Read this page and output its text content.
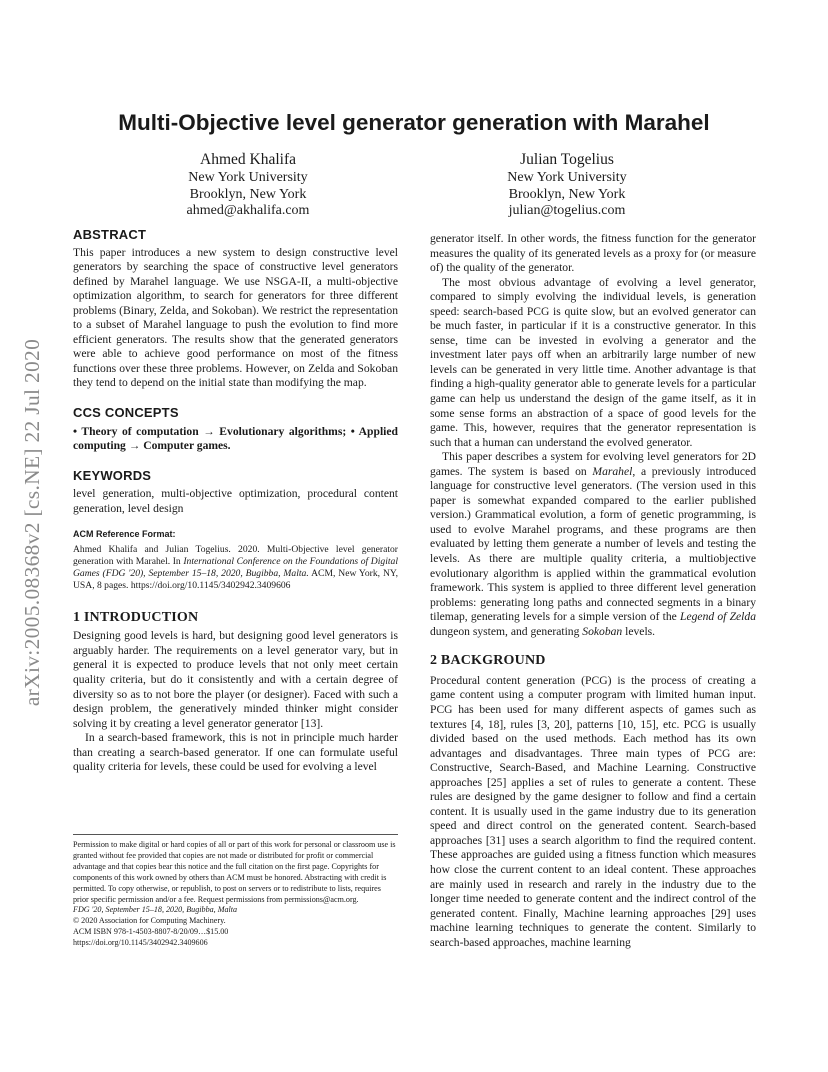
arXiv:2005.08368v2 [cs.NE] 22 Jul 2020
Multi-Objective level generator generation with Marahel
Ahmed Khalifa
New York University
Brooklyn, New York
ahmed@akhalifa.com
Julian Togelius
New York University
Brooklyn, New York
julian@togelius.com
ABSTRACT

This paper introduces a new system to design constructive level generators by searching the space of constructive level generators defined by Marahel language. We use NSGA-II, a multi-objective optimization algorithm, to search for generators for three different problems (Binary, Zelda, and Sokoban). We restrict the representation to a subset of Marahel language to push the evolution to find more efficient generators. The results show that the generated generators were able to achieve good performance on most of the fitness functions over these three problems. However, on Zelda and Sokoban they tend to depend on the initial state than modifying the map.

CCS CONCEPTS

• Theory of computation → Evolutionary algorithms; • Applied computing → Computer games.

KEYWORDS

level generation, multi-objective optimization, procedural content generation, level design

ACM Reference Format:

Ahmed Khalifa and Julian Togelius. 2020. Multi-Objective level generator generation with Marahel. In International Conference on the Foundations of Digital Games (FDG '20), September 15–18, 2020, Bugibba, Malta. ACM, New York, NY, USA, 8 pages. https://doi.org/10.1145/3402942.3409606

1 INTRODUCTION

Designing good levels is hard, but designing good level generators is arguably harder. The requirements on a level generator vary, but in general it is expected to produce levels that not only meet certain quality criteria, but do it consistently and with a certain degree of diversity so as to not bore the player (or designer). Faced with such a design problem, the generatively minded thinker might consider solving it by creating a level generator generator [13].

In a search-based framework, this is not in principle much harder than creating a search-based generator. If one can formulate useful quality criteria for levels, these could be used for evolving a level

Permission to make digital or hard copies of all or part of this work for personal or classroom use is granted without fee provided that copies are not made or distributed for profit or commercial advantage and that copies bear this notice and the full citation on the first page. Copyrights for components of this work owned by others than ACM must be honored. Abstracting with credit is permitted. To copy otherwise, or republish, to post on servers or to redistribute to lists, requires prior specific permission and/or a fee. Request permissions from permissions@acm.org.
FDG '20, September 15–18, 2020, Bugibba, Malta
© 2020 Association for Computing Machinery.
ACM ISBN 978-1-4503-8807-8/20/09…$15.00
https://doi.org/10.1145/3402942.3409606

generator itself. In other words, the fitness function for the generator measures the quality of its generated levels as a proxy for (or measure of) the quality of the generator.

The most obvious advantage of evolving a level generator, compared to simply evolving the individual levels, is generation speed: search-based PCG is quite slow, but an evolved generator can be much faster, in particular if it is a constructive generator. In this sense, time can be invested in evolving a generator and the investment later pays off when an arbitrarily large number of new levels can be generated in very little time. Another advantage is that finding a high-quality generator able to generate levels for a particular game can help us understand the design of the game itself, as it in some sense forms an abstraction of a space of good levels for the game. This, however, requires that the generator representation is such that a human can understand the evolved generator.

This paper describes a system for evolving level generators for 2D games. The system is based on Marahel, a previously introduced language for constructive level generators. (The version used in this paper is somewhat expanded compared to the earlier published version.) Grammatical evolution, a form of genetic programming, is used to evolve Marahel programs, and these programs are then evaluated by letting them generate a number of levels and testing the levels. As there are multiple quality criteria, a multiobjective evolutionary algorithm is applied within the grammatical evolution framework. This system is applied to three different level generation problems: generating long paths and connected segments in a binary tilemap, generating levels for a simple version of the Legend of Zelda dungeon system, and generating Sokoban levels.

2 BACKGROUND

Procedural content generation (PCG) is the process of creating a game content using a computer program with limited human input. PCG has been used for many different aspects of games such as textures [4, 18], rules [3, 20], patterns [10, 15], etc. PCG is usually divided based on the used methods. Each method has its own advantages and disadvantages. Three main types of PCG are: Constructive, Search-Based, and Machine Learning. Constructive approaches [25] applies a set of rules to generate a content. These rules are designed by the game designer to follow and find a certain content. It is usually used in the game industry due to its generation speed and direct control on the generated content. Search-based approaches [31] uses a search algorithm to find the required content. These approaches are guided using a fitness function which measures how close the current content to an ideal content. These approaches are mainly used in research and rarely in the industry due to the longer time needed to generate content and the indirect control of the generated content. Finally, Machine learning approaches [29] uses machine learning techniques to generate the content. Similarly to search-based approaches, machine learning
